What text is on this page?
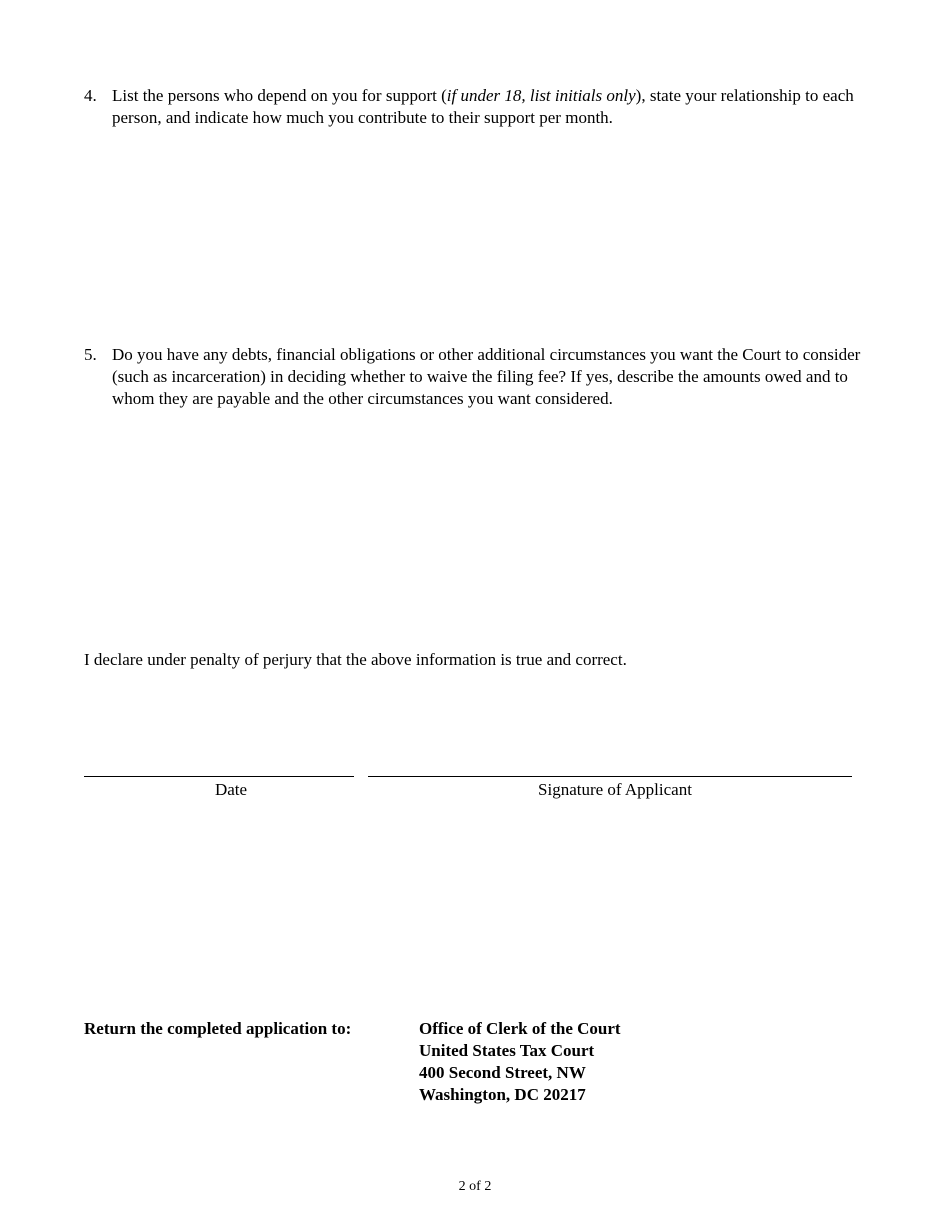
4. List the persons who depend on you for support (if under 18, list initials only), state your relationship to each person, and indicate how much you contribute to their support per month.
5. Do you have any debts, financial obligations or other additional circumstances you want the Court to consider (such as incarceration) in deciding whether to waive the filing fee? If yes, describe the amounts owed and to whom they are payable and the other circumstances you want considered.
I declare under penalty of perjury that the above information is true and correct.
Date	Signature of Applicant
Return the completed application to:	Office of Clerk of the Court
United States Tax Court
400 Second Street, NW
Washington, DC 20217
2 of 2
